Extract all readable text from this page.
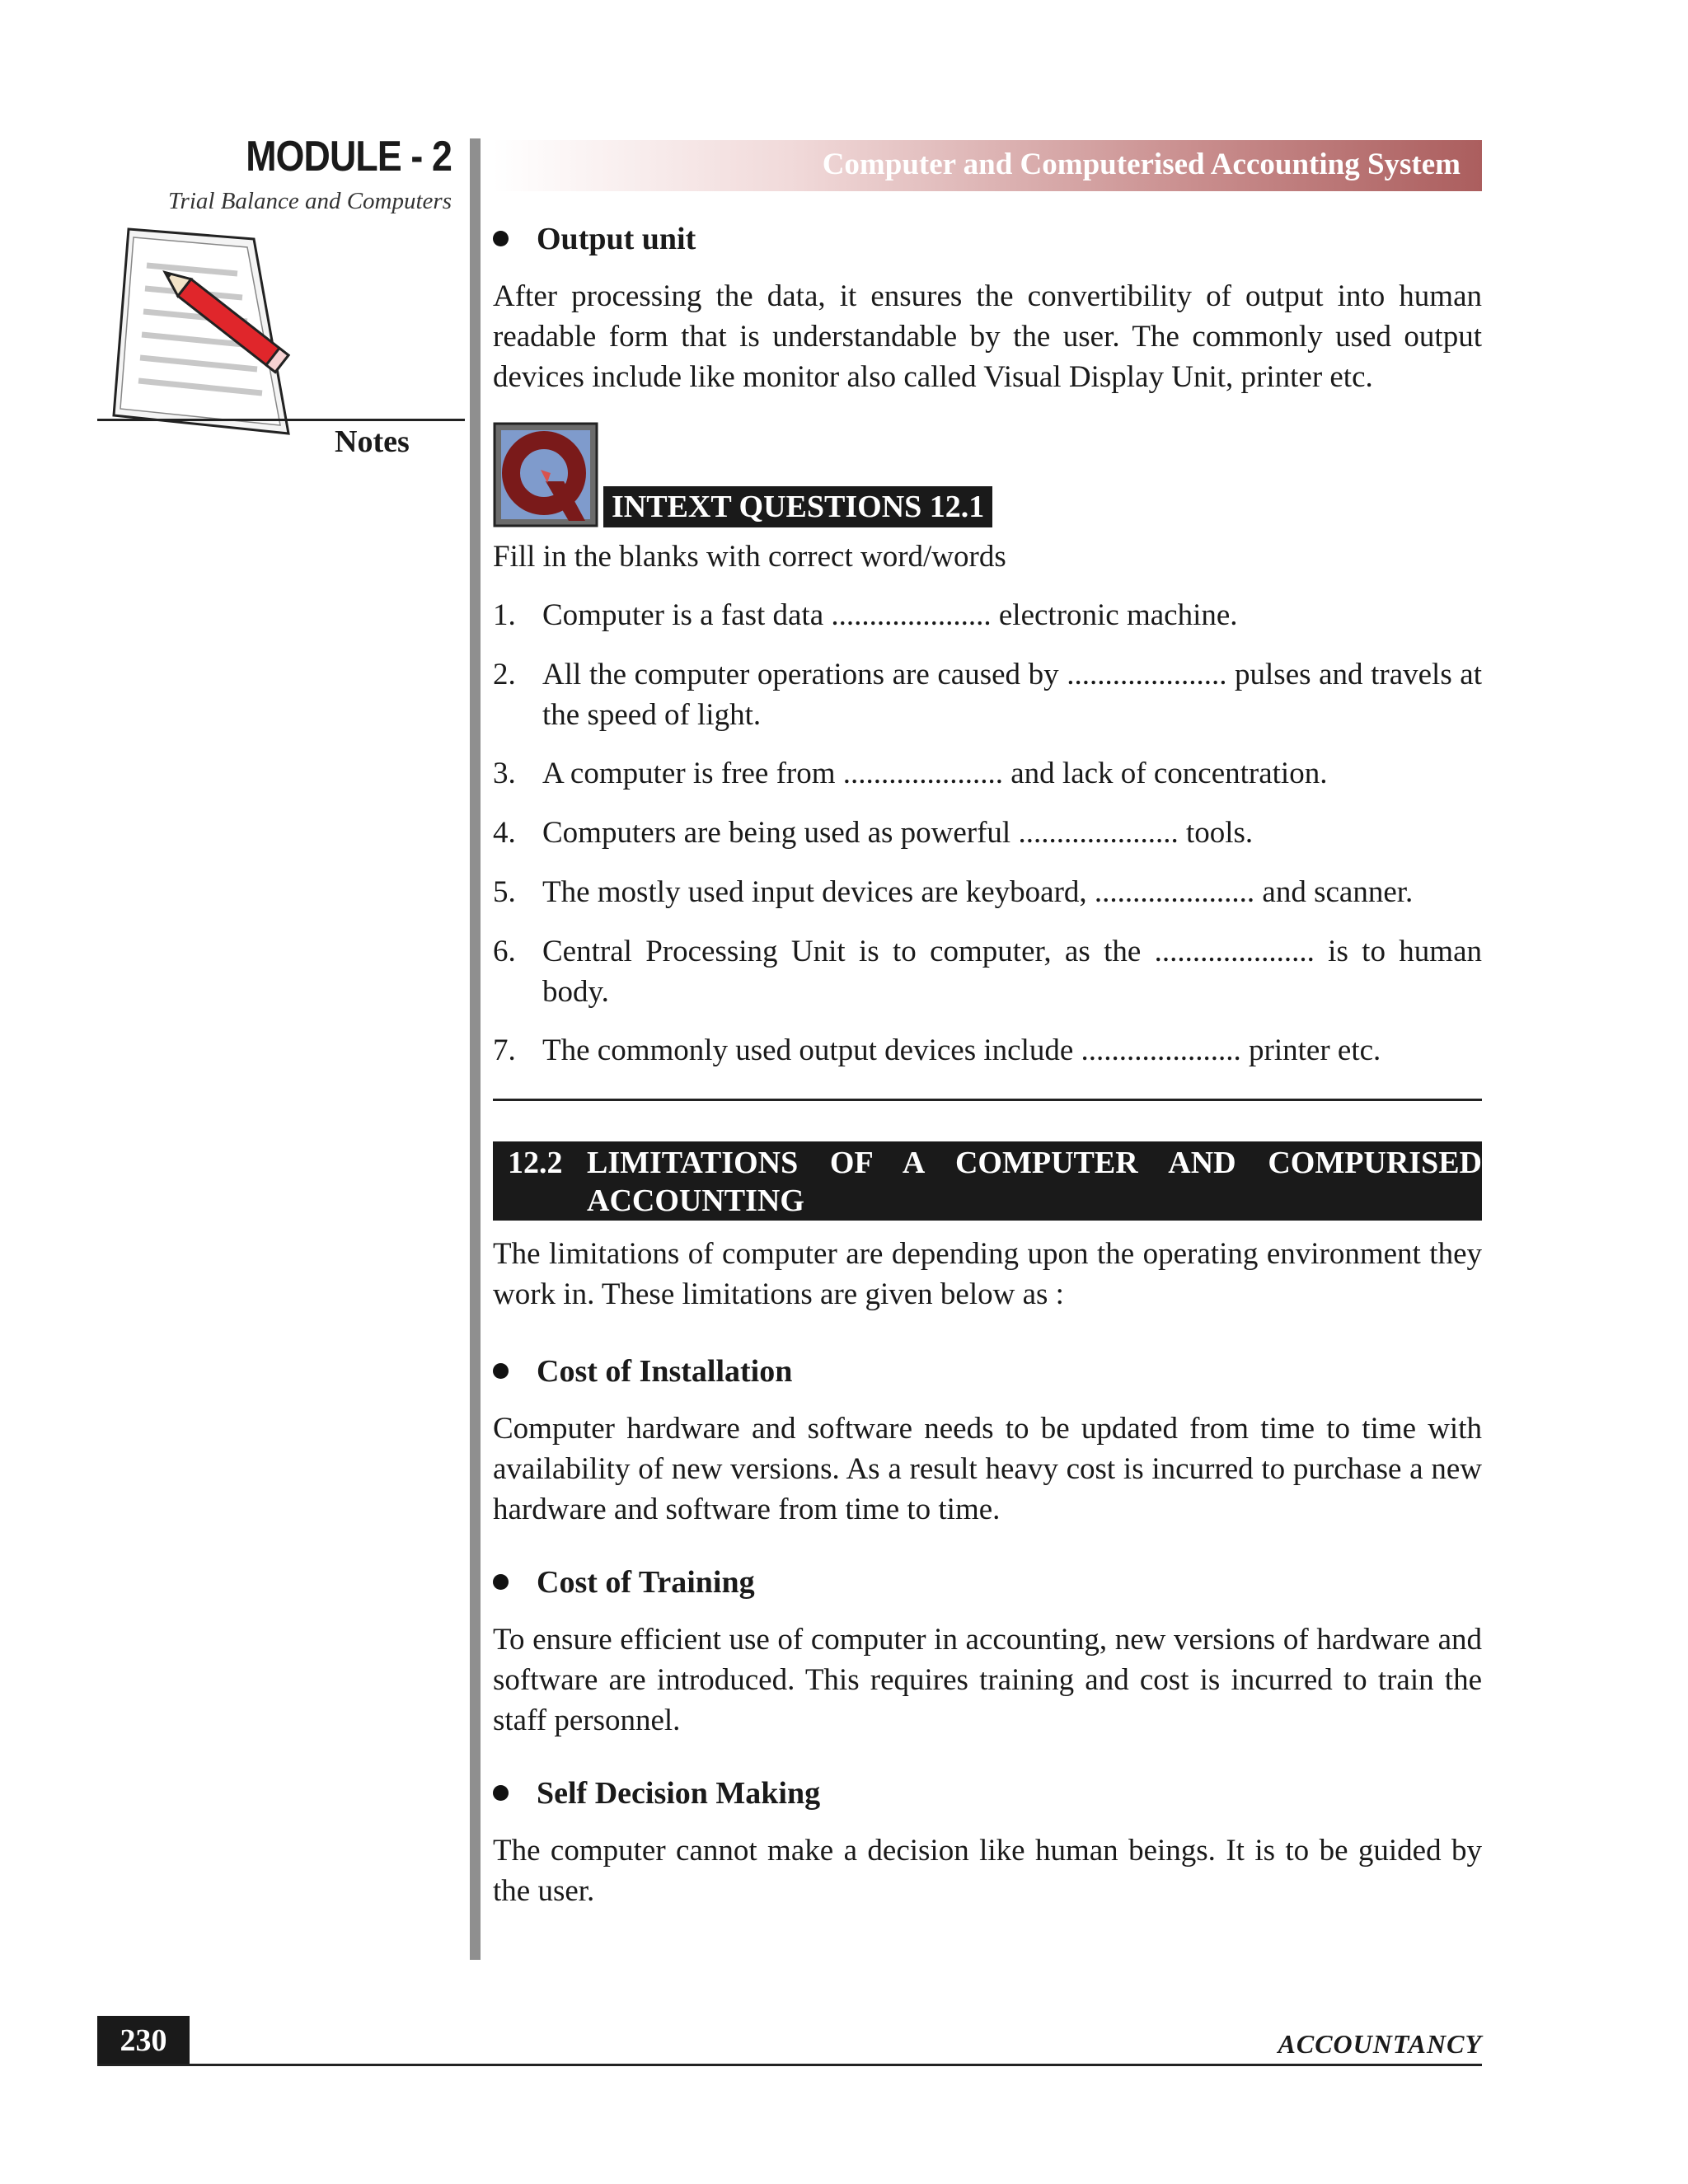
MODULE - 2
Trial Balance and Computers
Notes
Computer and Computerised Accounting System
Output unit

After processing the data, it ensures the convertibility of output into human readable form that is understandable by the user. The commonly used output devices include like monitor also called Visual Display Unit, printer etc.

INTEXT QUESTIONS 12.1

Fill in the blanks with correct word/words

1. Computer is a fast data ..................... electronic machine.
2. All the computer operations are caused by ..................... pulses and travels at the speed of light.
3. A computer is free from ..................... and lack of concentration.
4. Computers are being used as powerful ..................... tools.
5. The mostly used input devices are keyboard, ..................... and scanner.
6. Central Processing Unit is to computer, as the ..................... is to human body.
7. The commonly used output devices include ..................... printer etc.
12.2 LIMITATIONS OF A COMPUTER AND COMPURISED ACCOUNTING

The limitations of computer are depending upon the operating environment they work in. These limitations are given below as :

Cost of Installation

Computer hardware and software needs to be updated from time to time with availability of new versions. As a result heavy cost is incurred to purchase a new hardware and software from time to time.

Cost of Training

To ensure efficient use of computer in accounting, new versions of hardware and software are introduced. This requires training and cost is incurred to train the staff personnel.

Self Decision Making

The computer cannot make a decision like human beings. It is to be guided by the user.

230	ACCOUNTANCY
